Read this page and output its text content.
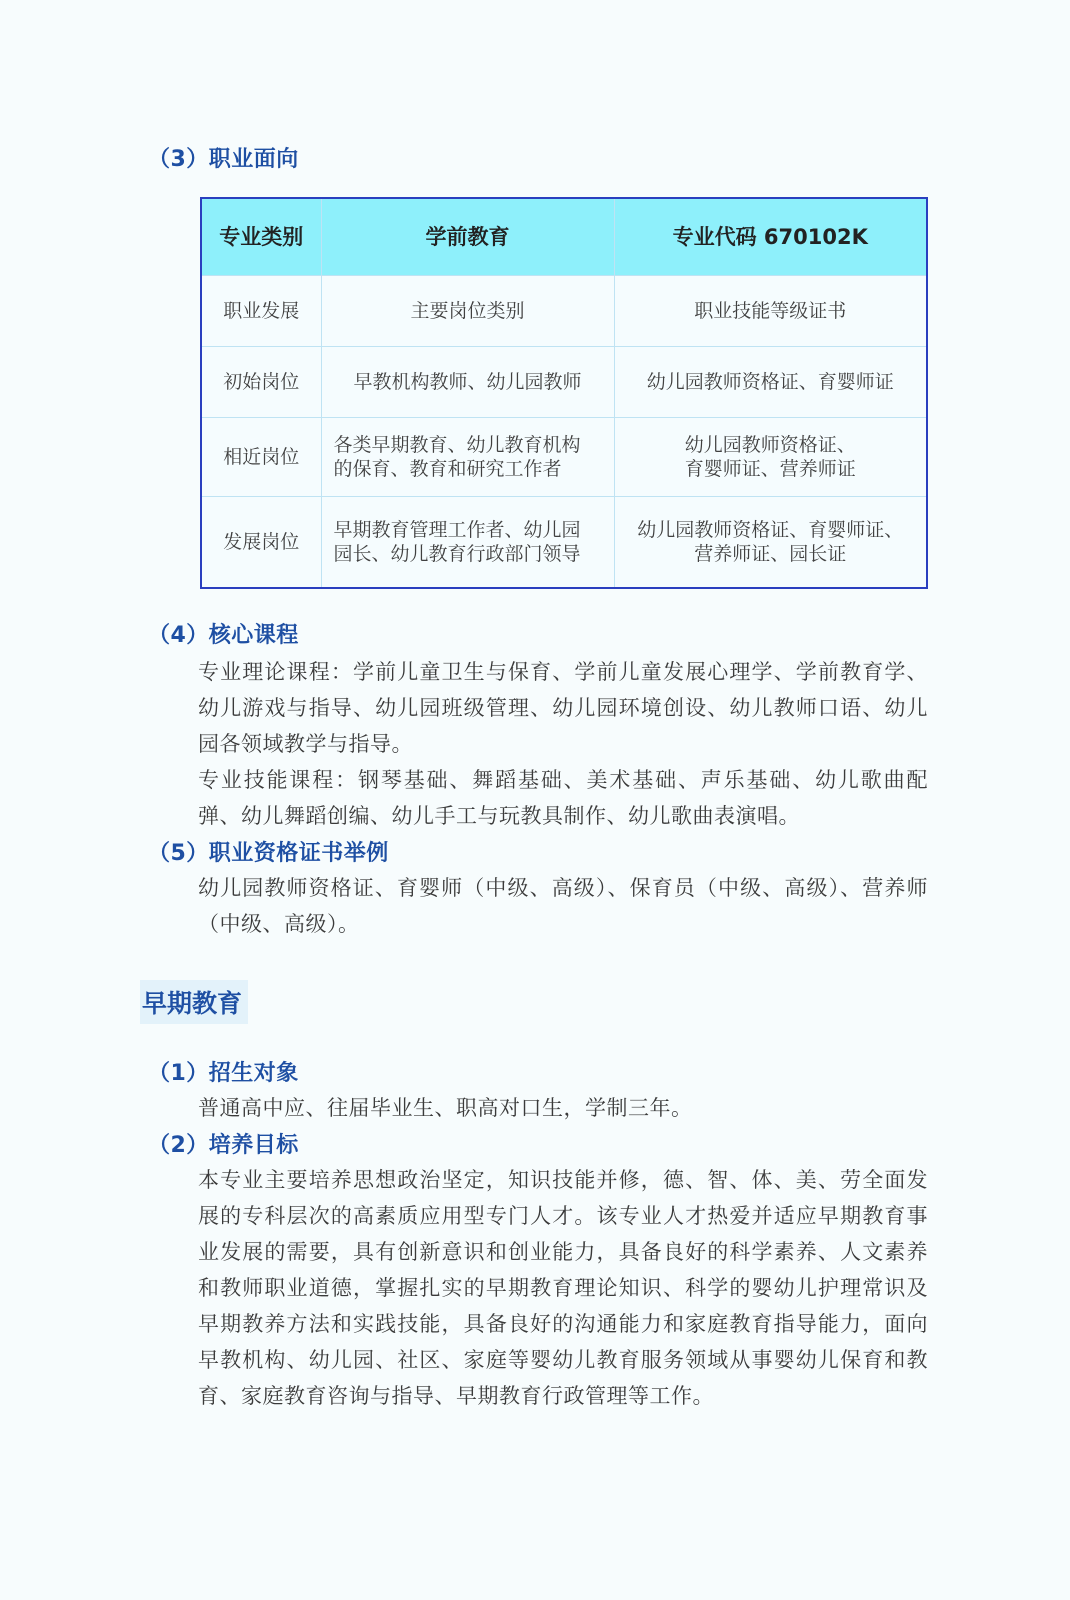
（3）职业面向
专业类别	学前教育	专业代码 670102K
职业发展	主要岗位类别	职业技能等级证书

初始岗位	早教机构教师、幼儿园教师	幼儿园教师资格证、育婴师证

相近岗位	各类早期教育、幼儿教育机构
的保育、教育和研究工作者	幼儿园教师资格证、
育婴师证、营养师证

发展岗位	早期教育管理工作者、幼儿园
园长、幼儿教育行政部门领导	幼儿园教师资格证、育婴师证、
营养师证、园长证
（4）核心课程

专业理论课程：学前儿童卫生与保育、学前儿童发展心理学、学前教育学、幼儿游戏与指导、幼儿园班级管理、幼儿园环境创设、幼儿教师口语、幼儿园各领域教学与指导。

专业技能课程：钢琴基础、舞蹈基础、美术基础、声乐基础、幼儿歌曲配弹、幼儿舞蹈创编、幼儿手工与玩教具制作、幼儿歌曲表演唱。

（5）职业资格证书举例
幼儿园教师资格证、育婴师（中级、高级）、保育员（中级、高级）、营养师（中级、高级）。
早期教育
（1）招生对象
普通高中应、往届毕业生、职高对口生，学制三年。
（2）培养目标
本专业主要培养思想政治坚定，知识技能并修，德、智、体、美、劳全面发展的专科层次的高素质应用型专门人才。该专业人才热爱并适应早期教育事业发展的需要，具有创新意识和创业能力，具备良好的科学素养、人文素养和教师职业道德，掌握扎实的早期教育理论知识、科学的婴幼儿护理常识及早期教养方法和实践技能，具备良好的沟通能力和家庭教育指导能力，面向早教机构、幼儿园、社区、家庭等婴幼儿教育服务领域从事婴幼儿保育和教育、家庭教育咨询与指导、早期教育行政管理等工作。
